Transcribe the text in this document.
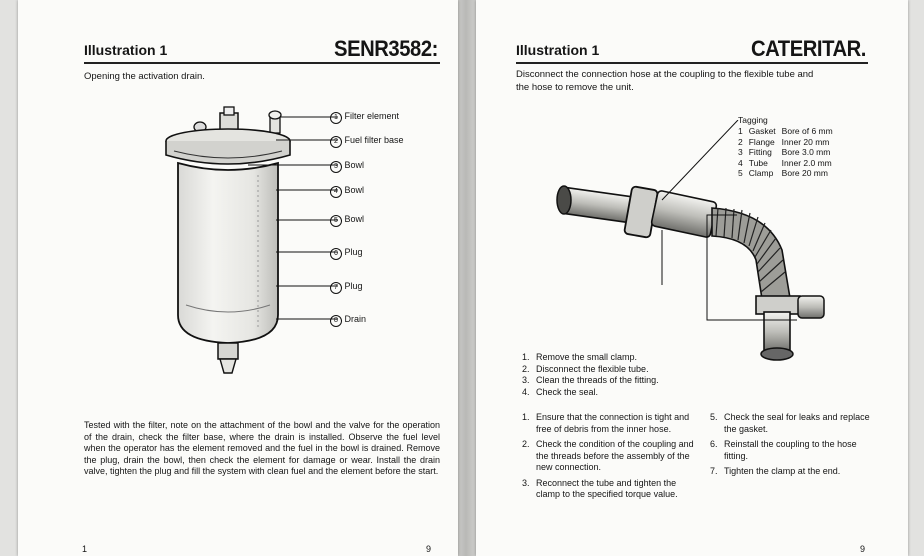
Illustration 1	SENR3582:
Opening the activation drain.
1 Filter element
2 Fuel filter base
3 Bowl
4 Bowl
5 Bowl
6 Plug
7 Plug
8 Drain
Tested with the filter, note on the attachment of the bowl and the valve for the operation of the drain, check the filter base, where the drain is installed. Observe the fuel level when the operator has the element removed and the fuel in the bowl is drained. Remove the plug, drain the bowl, then check the element for damage or wear. Install the drain valve, tighten the plug and fill the system with clean fuel and the element before the start.
1	9
Illustration 1	CATERITAR.
Disconnect the connection hose at the coupling to the flexible tube and the hose to remove the unit.
Tagging
1	Gasket	Bore of 6 mm
2	Flange	Inner 20 mm
3	Fitting	Bore 3.0 mm
4	Tube	Inner 2.0 mm
5	Clamp	Bore 20 mm
1. Remove the small clamp.
2. Disconnect the flexible tube.
3. Clean the threads of the fitting.
4. Check the seal.
1. Ensure that the connection is tight and free of debris from the inner hose.
2. Check the condition of the coupling and the threads before the assembly of the new connection.
3. Reconnect the tube and tighten the clamp to the specified torque value.
5. Check the seal for leaks and replace the gasket.
6. Reinstall the coupling to the hose fitting.
7. Tighten the clamp at the end.
9
